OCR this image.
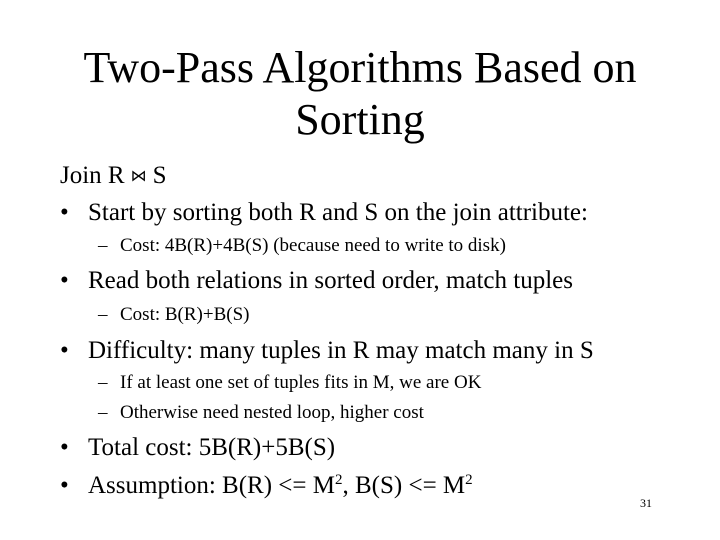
Two-Pass Algorithms Based on
Sorting
Join R ⋈ S
• Start by sorting both R and S on the join attribute:
– Cost: 4B(R)+4B(S) (because need to write to disk)
• Read both relations in sorted order, match tuples
– Cost: B(R)+B(S)
• Difficulty: many tuples in R may match many in S
– If at least one set of tuples fits in M, we are OK
– Otherwise need nested loop, higher cost
• Total cost: 5B(R)+5B(S)
• Assumption: $B(R) <= M^2$, $B(S) <= M^2$
31
